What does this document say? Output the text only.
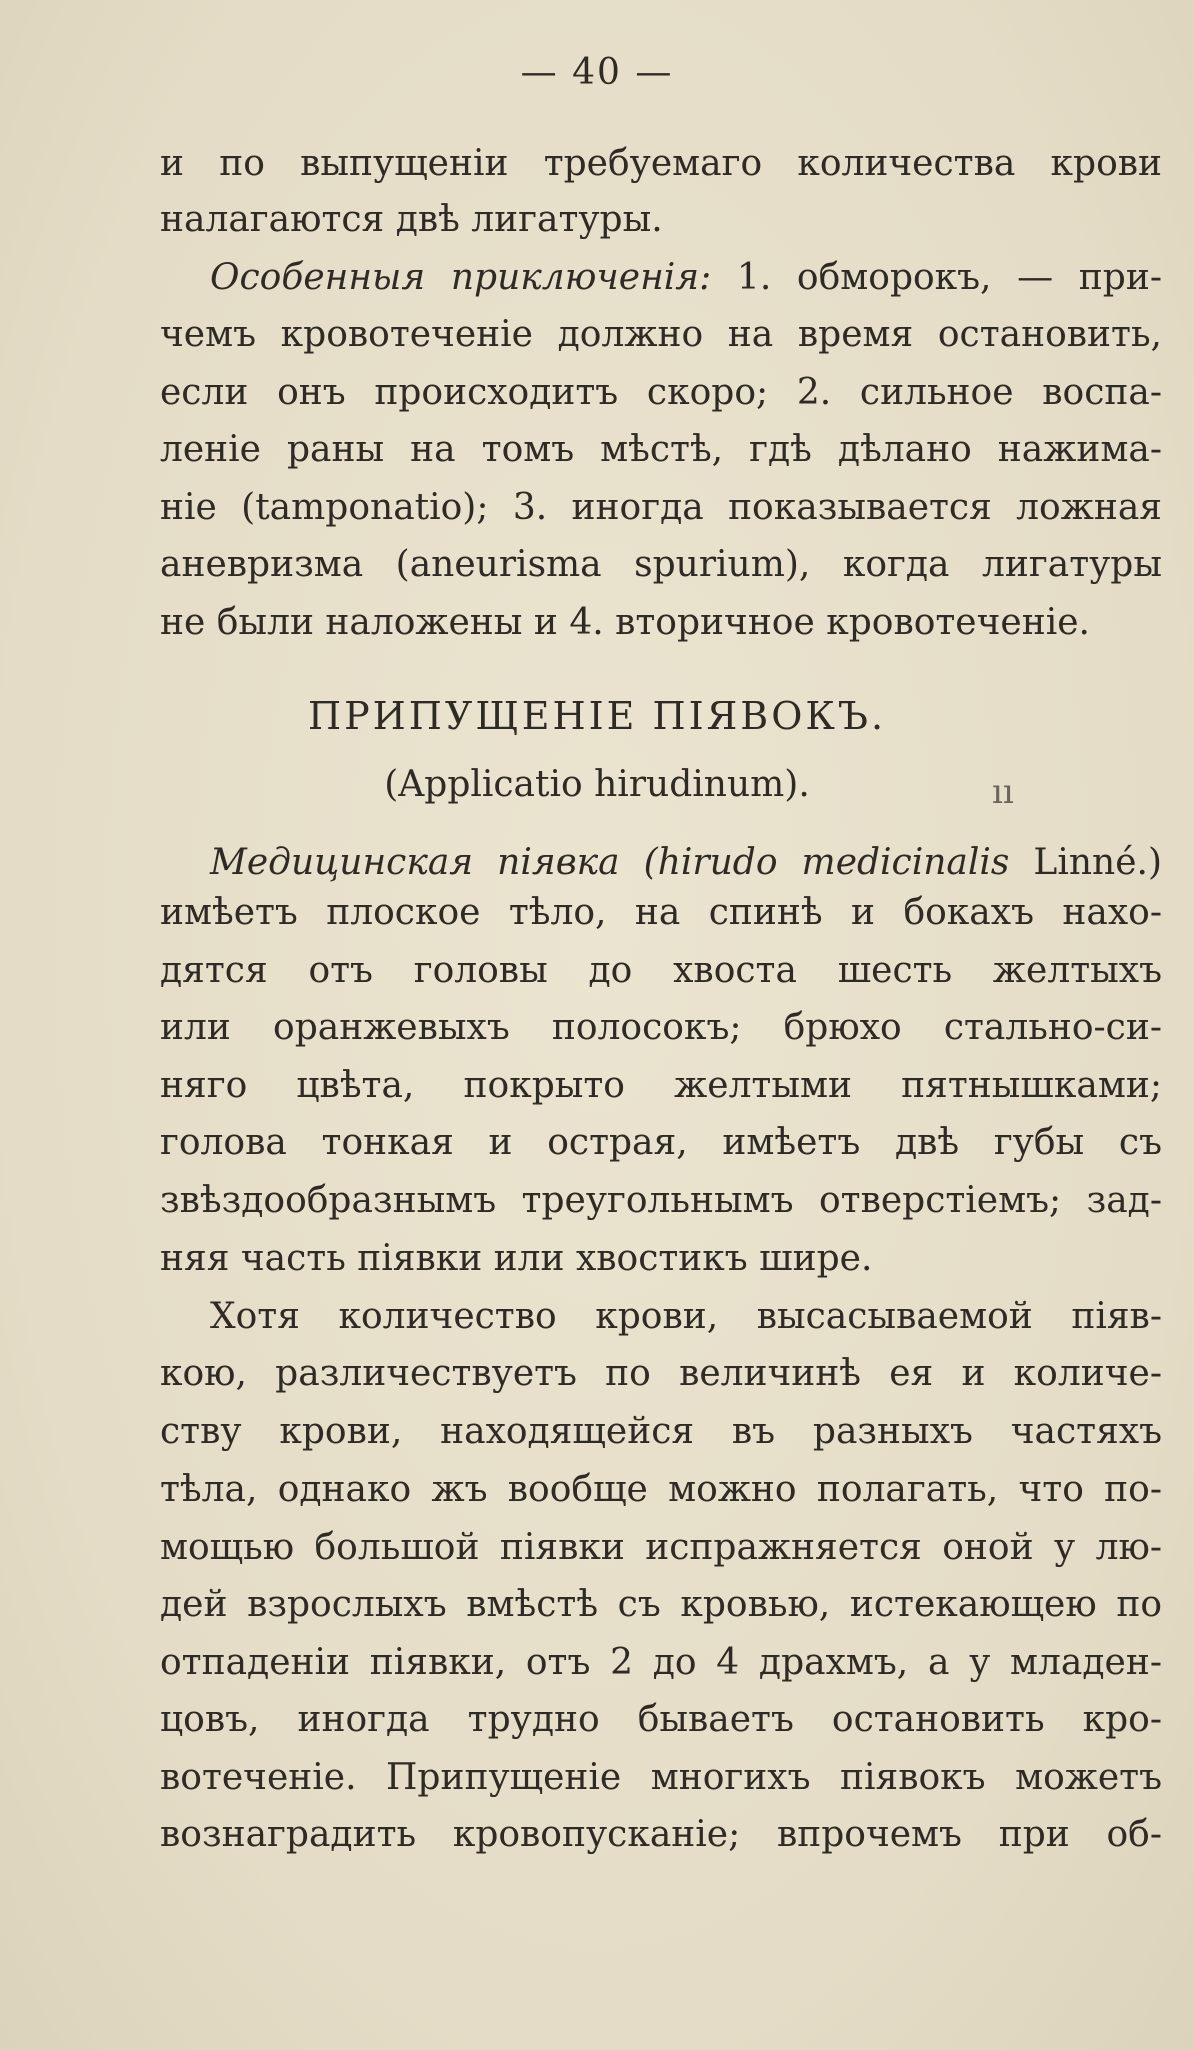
— 40 —
и по выпущенiи требуемаго количества крови
налагаются двѣ лигатуры.
Особенныя приключенiя: 1. обморокъ, — при-
чемъ кровотеченiе должно на время остановить,
если онъ происходитъ скоро; 2. сильное воспа-
ленiе раны на томъ мѣстѣ, гдѣ дѣлано нажима-
нiе (tamponatio); 3. иногда показывается ложная
аневризма (aneurisma spurium), когда лигатуры
не были наложены и 4. вторичное кровотеченiе.
ПРИПУЩЕНIЕ ПIЯВОКЪ.
(Applicatio hirudinum).	ıı
Медицинская пiявка (hirudo medicinalis Linné.)
имѣетъ плоское тѣло, на спинѣ и бокахъ нахо-
дятся отъ головы до хвоста шесть желтыхъ
или оранжевыхъ полосокъ; брюхо стально-си-
няго цвѣта, покрыто желтыми пятнышками;
голова тонкая и острая, имѣетъ двѣ губы съ
звѣздообразнымъ треугольнымъ отверстiемъ; зад-
няя часть пiявки или хвостикъ шире.
Хотя количество крови, высасываемой пiяв-
кою, различествуетъ по величинѣ ея и количе-
ству крови, находящейся въ разныхъ частяхъ
тѣла, однако жъ вообще можно полагать, что по-
мощью большой пiявки испражняется оной у лю-
дей взрослыхъ вмѣстѣ съ кровью, истекающею по
отпаденiи пiявки, отъ 2 до 4 драхмъ, а у младен-
цовъ, иногда трудно бываетъ остановить кро-
вотеченiе. Припущенiе многихъ пiявокъ можетъ
вознаградить кровопусканiе; впрочемъ при об-
